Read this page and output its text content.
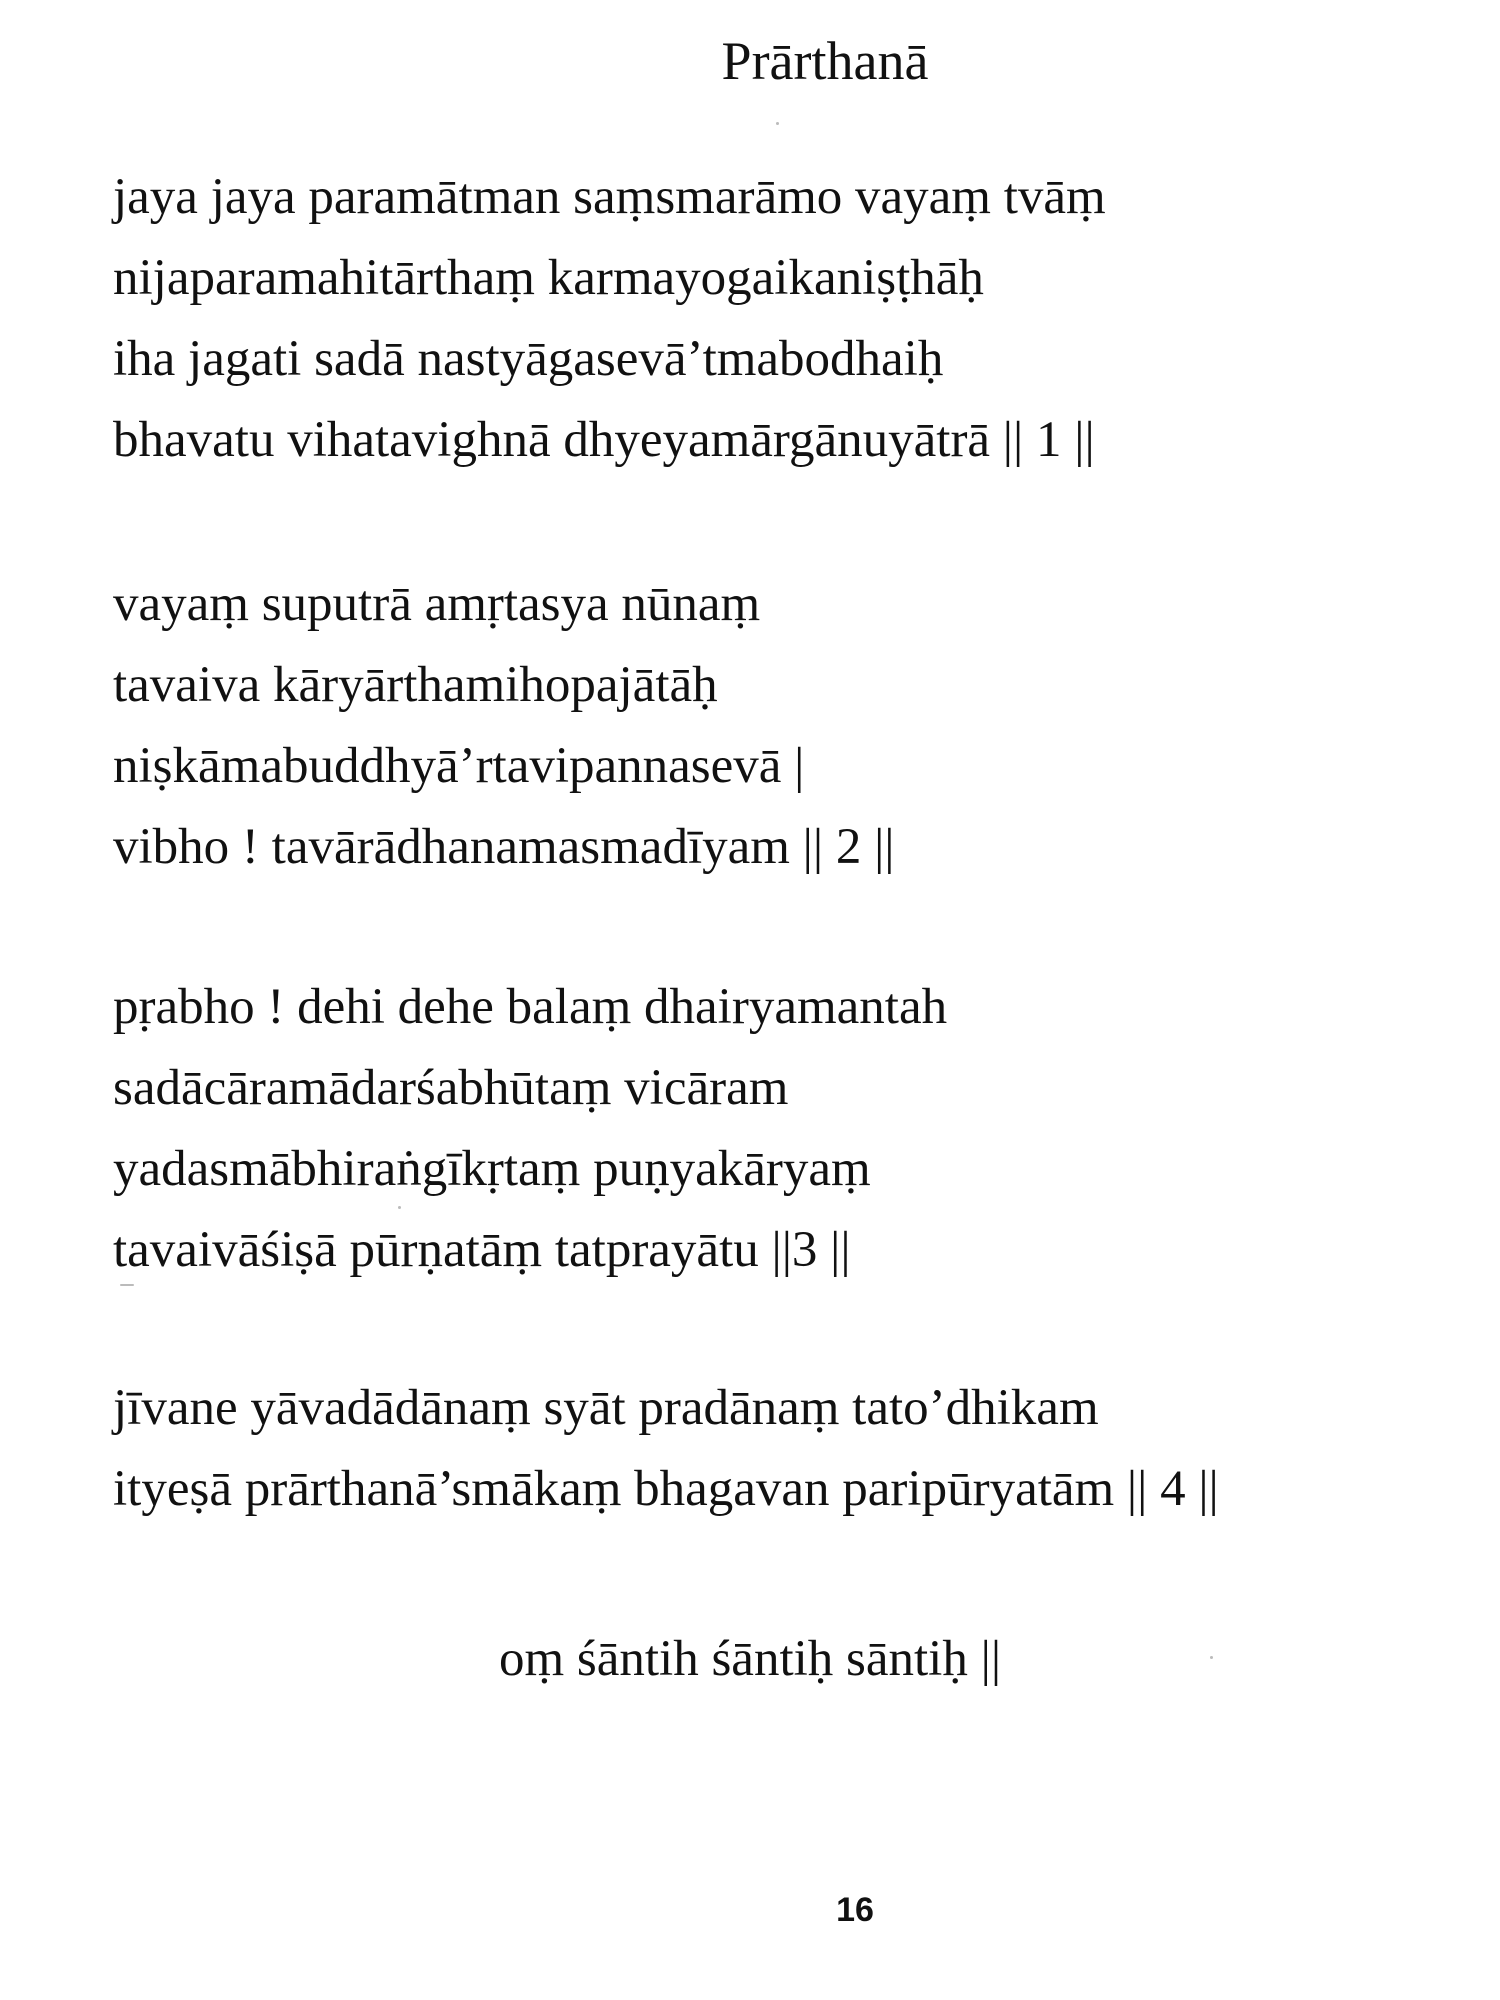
Prārthanā
jaya jaya paramātman saṃsmarāmo vayaṃ tvāṃ
nijaparamahitārthaṃ karmayogaikaniṣṭhāḥ
iha jagati sadā nastyāgasevā’tmabodhaiḥ
bhavatu vihatavighnā dhyeyamārgānuyātrā || 1 ||
vayaṃ suputrā amṛtasya nūnaṃ
tavaiva kāryārthamihopajātāḥ
niṣkāmabuddhyā’rtavipannasevā |
vibho ! tavārādhanamasmadīyam || 2 ||
pṛabho ! dehi dehe balaṃ dhairyamantah
sadācāramādarśabhūtaṃ vicāram
yadasmābhiraṅgīkṛtaṃ puṇyakāryaṃ
tavaivāśiṣā pūrṇatāṃ tatprayātu ||3 ||
jīvane yāvadādānaṃ syāt pradānaṃ tato’dhikam
ityeṣā prārthanā’smākaṃ bhagavan paripūryatām || 4 ||
oṃ śāntih śāntiḥ sāntiḥ ||
16
